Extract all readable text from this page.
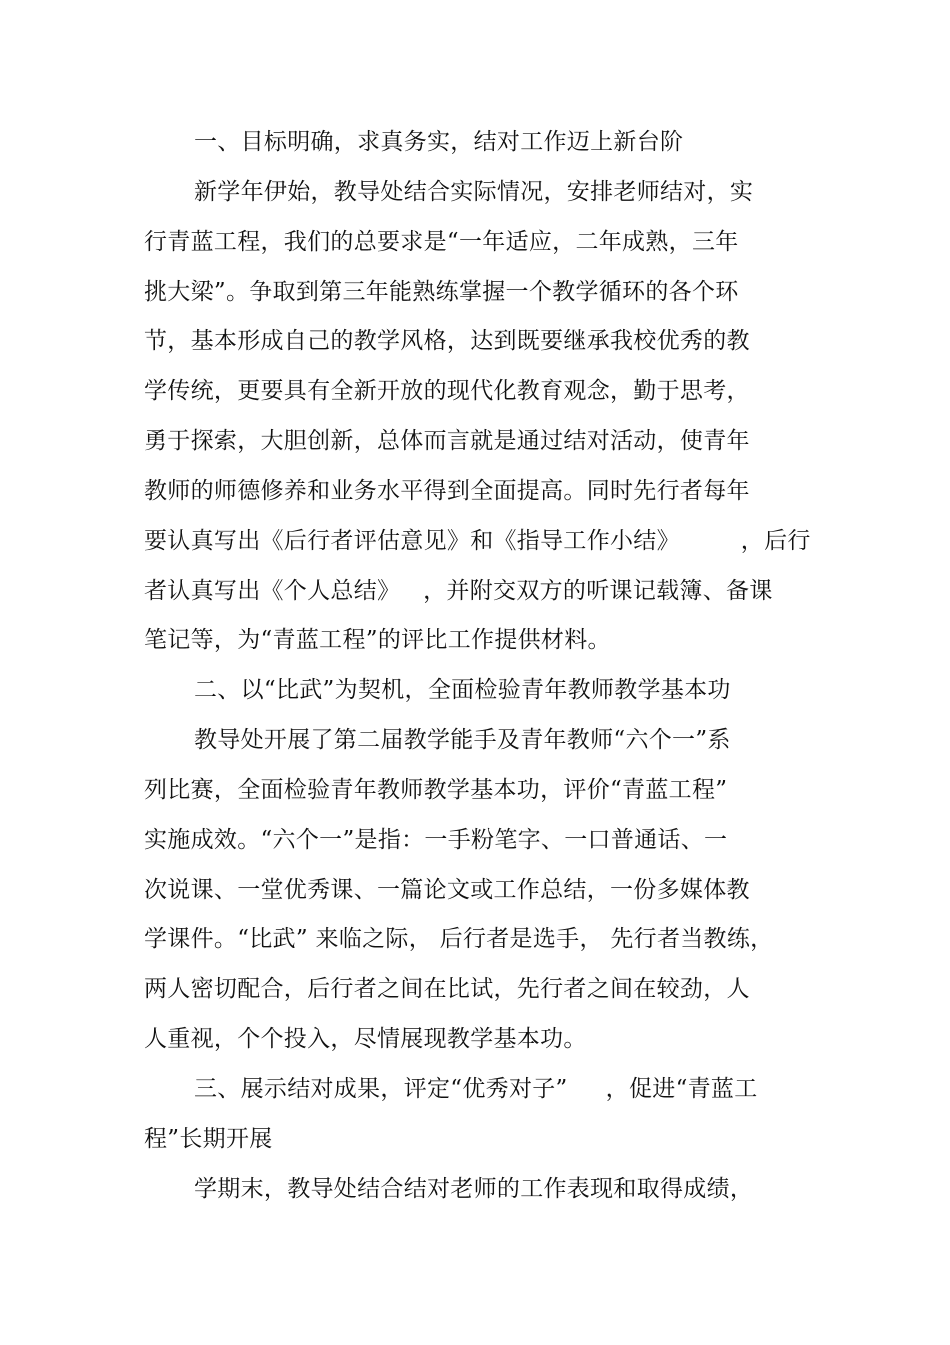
一、目标明确，求真务实，结对工作迈上新台阶
新学年伊始，教导处结合实际情况，安排老师结对，实
行青蓝工程，我们的总要求是“一年适应，二年成熟，三年
挑大梁”。争取到第三年能熟练掌握一个教学循环的各个环
节，基本形成自己的教学风格，达到既要继承我校优秀的教
学传统，更要具有全新开放的现代化教育观念，勤于思考，
勇于探索，大胆创新，总体而言就是通过结对活动，使青年
教师的师德修养和业务水平得到全面提高。同时先行者每年
要认真写出《后行者评估意见》和《指导工作小结》        ，后行
者认真写出《个人总结》   ，并附交双方的听课记载簿、备课
笔记等，为“青蓝工程”的评比工作提供材料。
二、以“比武”为契机，全面检验青年教师教学基本功
教导处开展了第二届教学能手及青年教师“六个一”系
列比赛，全面检验青年教师教学基本功，评价“青蓝工程”
实施成效。“六个一”是指：一手粉笔字、一口普通话、一
次说课、一堂优秀课、一篇论文或工作总结，一份多媒体教
学课件。“比武” 来临之际， 后行者是选手， 先行者当教练，
两人密切配合，后行者之间在比试，先行者之间在较劲，人
人重视，个个投入，尽情展现教学基本功。
三、展示结对成果，评定“优秀对子”     ，促进“青蓝工
程”长期开展
学期末，教导处结合结对老师的工作表现和取得成绩，
